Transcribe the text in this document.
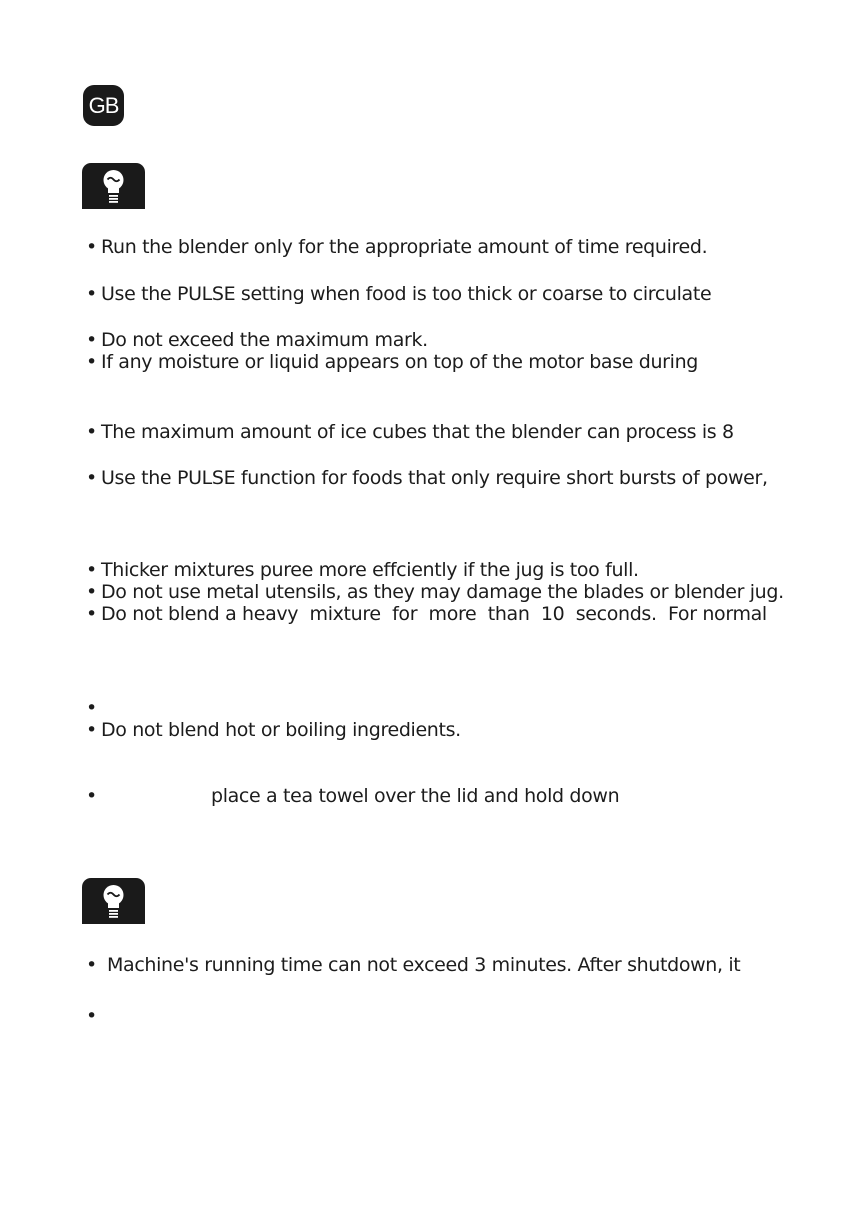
GB
• Run the blender only for the appropriate amount of time required.
• Use the PULSE setting when food is too thick or coarse to circulate
• Do not exceed the maximum mark.
• If any moisture or liquid appears on top of the motor base during
• The maximum amount of ice cubes that the blender can process is 8
• Use the PULSE function for foods that only require short bursts of power,
• Thicker mixtures puree more effciently if the jug is too full.
• Do not use metal utensils, as they may damage the blades or blender jug.
• Do not blend a heavy  mixture  for  more  than  10  seconds.  For normal
•
• Do not blend hot or boiling ingredients.
•	place a tea towel over the lid and hold down
• Machine's running time can not exceed 3 minutes. After shutdown, it
•
